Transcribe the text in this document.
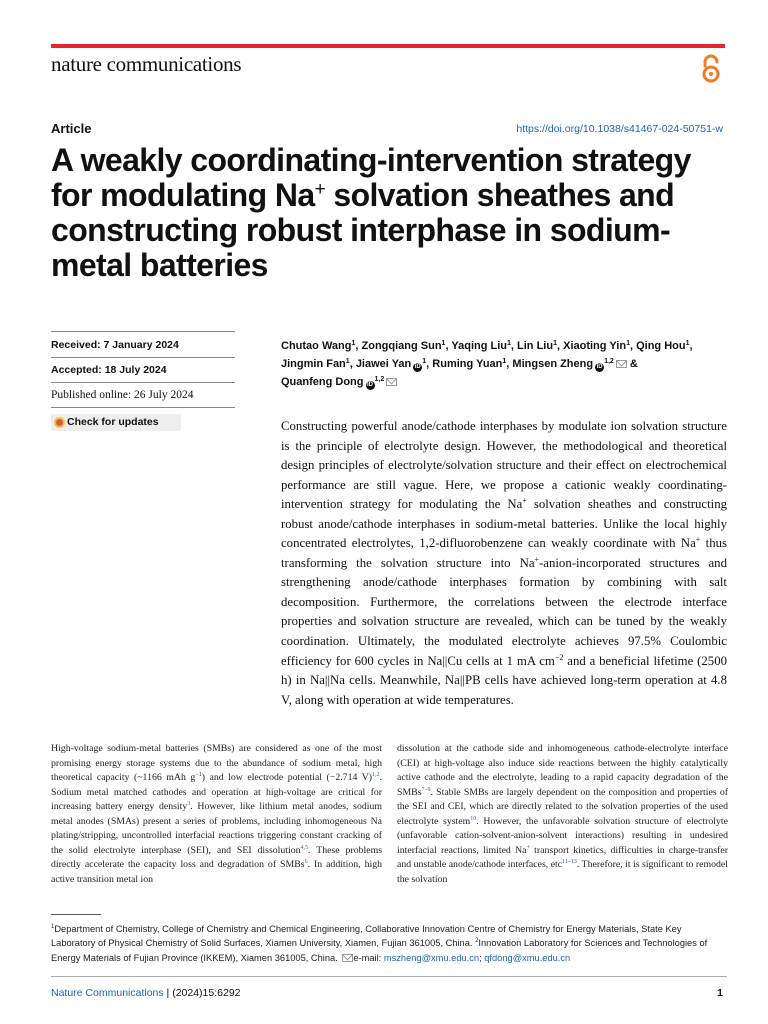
nature communications
Article	https://doi.org/10.1038/s41467-024-50751-w
A weakly coordinating-intervention strategy for modulating Na+ solvation sheathes and constructing robust interphase in sodium-metal batteries
Received: 7 January 2024
Accepted: 18 July 2024
Published online: 26 July 2024
Check for updates
Chutao Wang$^1$, Zongqiang Sun$^1$, Yaqing Liu$^1$, Lin Liu$^1$, Xiaoting Yin$^1$, Qing Hou$^1$, Jingmin Fan$^1$, Jiawei Yan $iD^1$, Ruming Yuan$^1$, Mingsen Zheng iD$^{1,2}$ &
Quanfeng Dong iD$^{1,2}$
Constructing powerful anode/cathode interphases by modulate ion solvation structure is the principle of electrolyte design. However, the methodological and theoretical design principles of electrolyte/solvation structure and their effect on electrochemical performance are still vague. Here, we propose a cationic weakly coordinating-intervention strategy for modulating the Na+ solvation sheathes and constructing robust anode/cathode interphases in sodium-metal batteries. Unlike the local highly concentrated electrolytes, 1,2-difluorobenzene can weakly coordinate with Na+ thus transforming the solvation structure into Na+-anion-incorporated structures and strengthening anode/cathode interphases formation by combining with salt decomposition. Furthermore, the correlations between the electrode interface properties and solvation structure are revealed, which can be tuned by the weakly coordination. Ultimately, the modulated electrolyte achieves 97.5% Coulombic efficiency for 600 cycles in Na||Cu cells at 1 mA $cm^{-2}$ and a beneficial lifetime (2500 h) in Na||Na cells. Meanwhile, Na||PB cells have achieved long-term operation at 4.8 V, along with operation at wide temperatures.
High-voltage sodium-metal batteries (SMBs) are considered as one of the most promising energy storage systems due to the abundance of sodium metal, high theoretical capacity (~1166 mAh $g^{-1}$) and low electrode potential (−2.714 V)$^{1,2}$. Sodium metal matched cathodes and operation at high-voltage are critical for increasing battery energy density$^3$. However, like lithium metal anodes, sodium metal anodes (SMAs) present a series of problems, including inhomogeneous Na plating/stripping, uncontrolled interfacial reactions triggering constant cracking of the solid electrolyte interphase (SEI), and SEI dissolution$^{4,5}$. These problems directly accelerate the capacity loss and degradation of SMBs$^6$. In addition, high active transition metal ion
dissolution at the cathode side and inhomogeneous cathode-electrolyte interface (CEI) at high-voltage also induce side reactions between the highly catalytically active cathode and the electrolyte, leading to a rapid capacity degradation of the SMBs$^{7-9}$. Stable SMBs are largely dependent on the composition and properties of the SEI and CEI, which are directly related to the solvation properties of the used electrolyte system$^{10}$. However, the unfavorable solvation structure of electrolyte (unfavorable cation-solvent-anion-solvent interactions) resulting in undesired interfacial reactions, limited Na+ transport kinetics, difficulties in charge-transfer and unstable anode/cathode interfaces, etc$^{11-13}$. Therefore, it is significant to remodel the solvation
$^1$Department of Chemistry, College of Chemistry and Chemical Engineering, Collaborative Innovation Centre of Chemistry for Energy Materials, State Key Laboratory of Physical Chemistry of Solid Surfaces, Xiamen University, Xiamen, Fujian 361005, China. $^2$Innovation Laboratory for Sciences and Technologies of Energy Materials of Fujian Province (IKKEM), Xiamen 361005, China. e-mail: mszheng@xmu.edu.cn; qfdong@xmu.edu.cn
Nature Communications | (2024)15:6292	1
